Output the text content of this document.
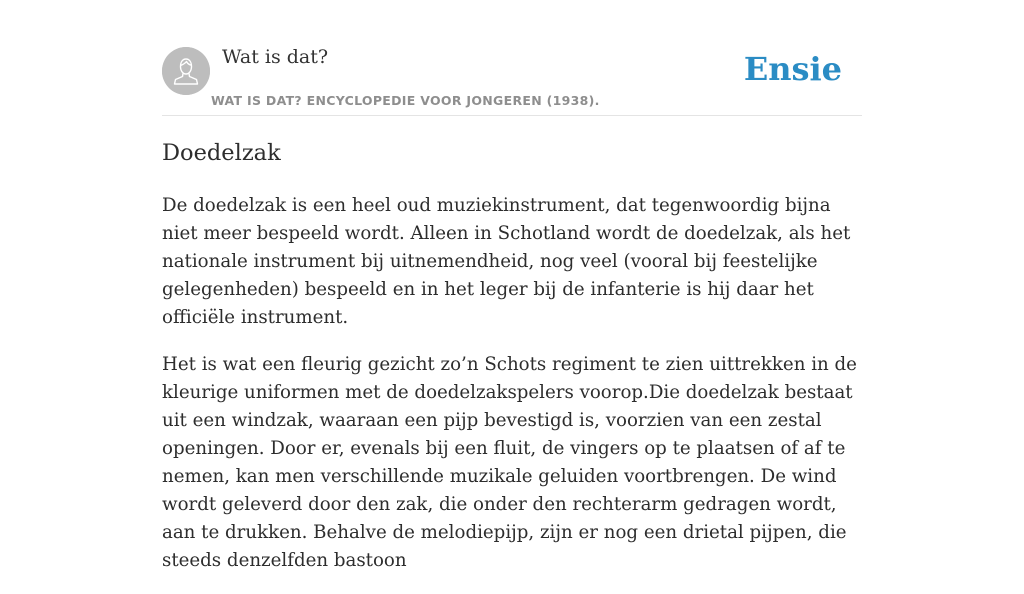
Wat is dat?
WAT IS DAT? ENCYCLOPEDIE VOOR JONGEREN (1938).
Ensie
Doedelzak

De doedelzak is een heel oud muziekinstrument, dat tegenwoordig bijna niet meer bespeeld wordt. Alleen in Schotland wordt de doedelzak, als het nationale instrument bij uitnemendheid, nog veel (vooral bij feestelijke gelegenheden) bespeeld en in het leger bij de infanterie is hij daar het officiële instrument.

Het is wat een fleurig gezicht zo’n Schots regiment te zien uittrekken in de kleurige uniformen met de doedelzakspelers voorop.Die doedelzak bestaat uit een windzak, waaraan een pijp bevestigd is, voorzien van een zestal openingen. Door er, evenals bij een fluit, de vingers op te plaatsen of af te nemen, kan men verschillende muzikale geluiden voortbrengen. De wind wordt geleverd door den zak, die onder den rechterarm gedragen wordt, aan te drukken. Behalve de melodiepijp, zijn er nog een drietal pijpen, die steeds denzelfden bastoon
